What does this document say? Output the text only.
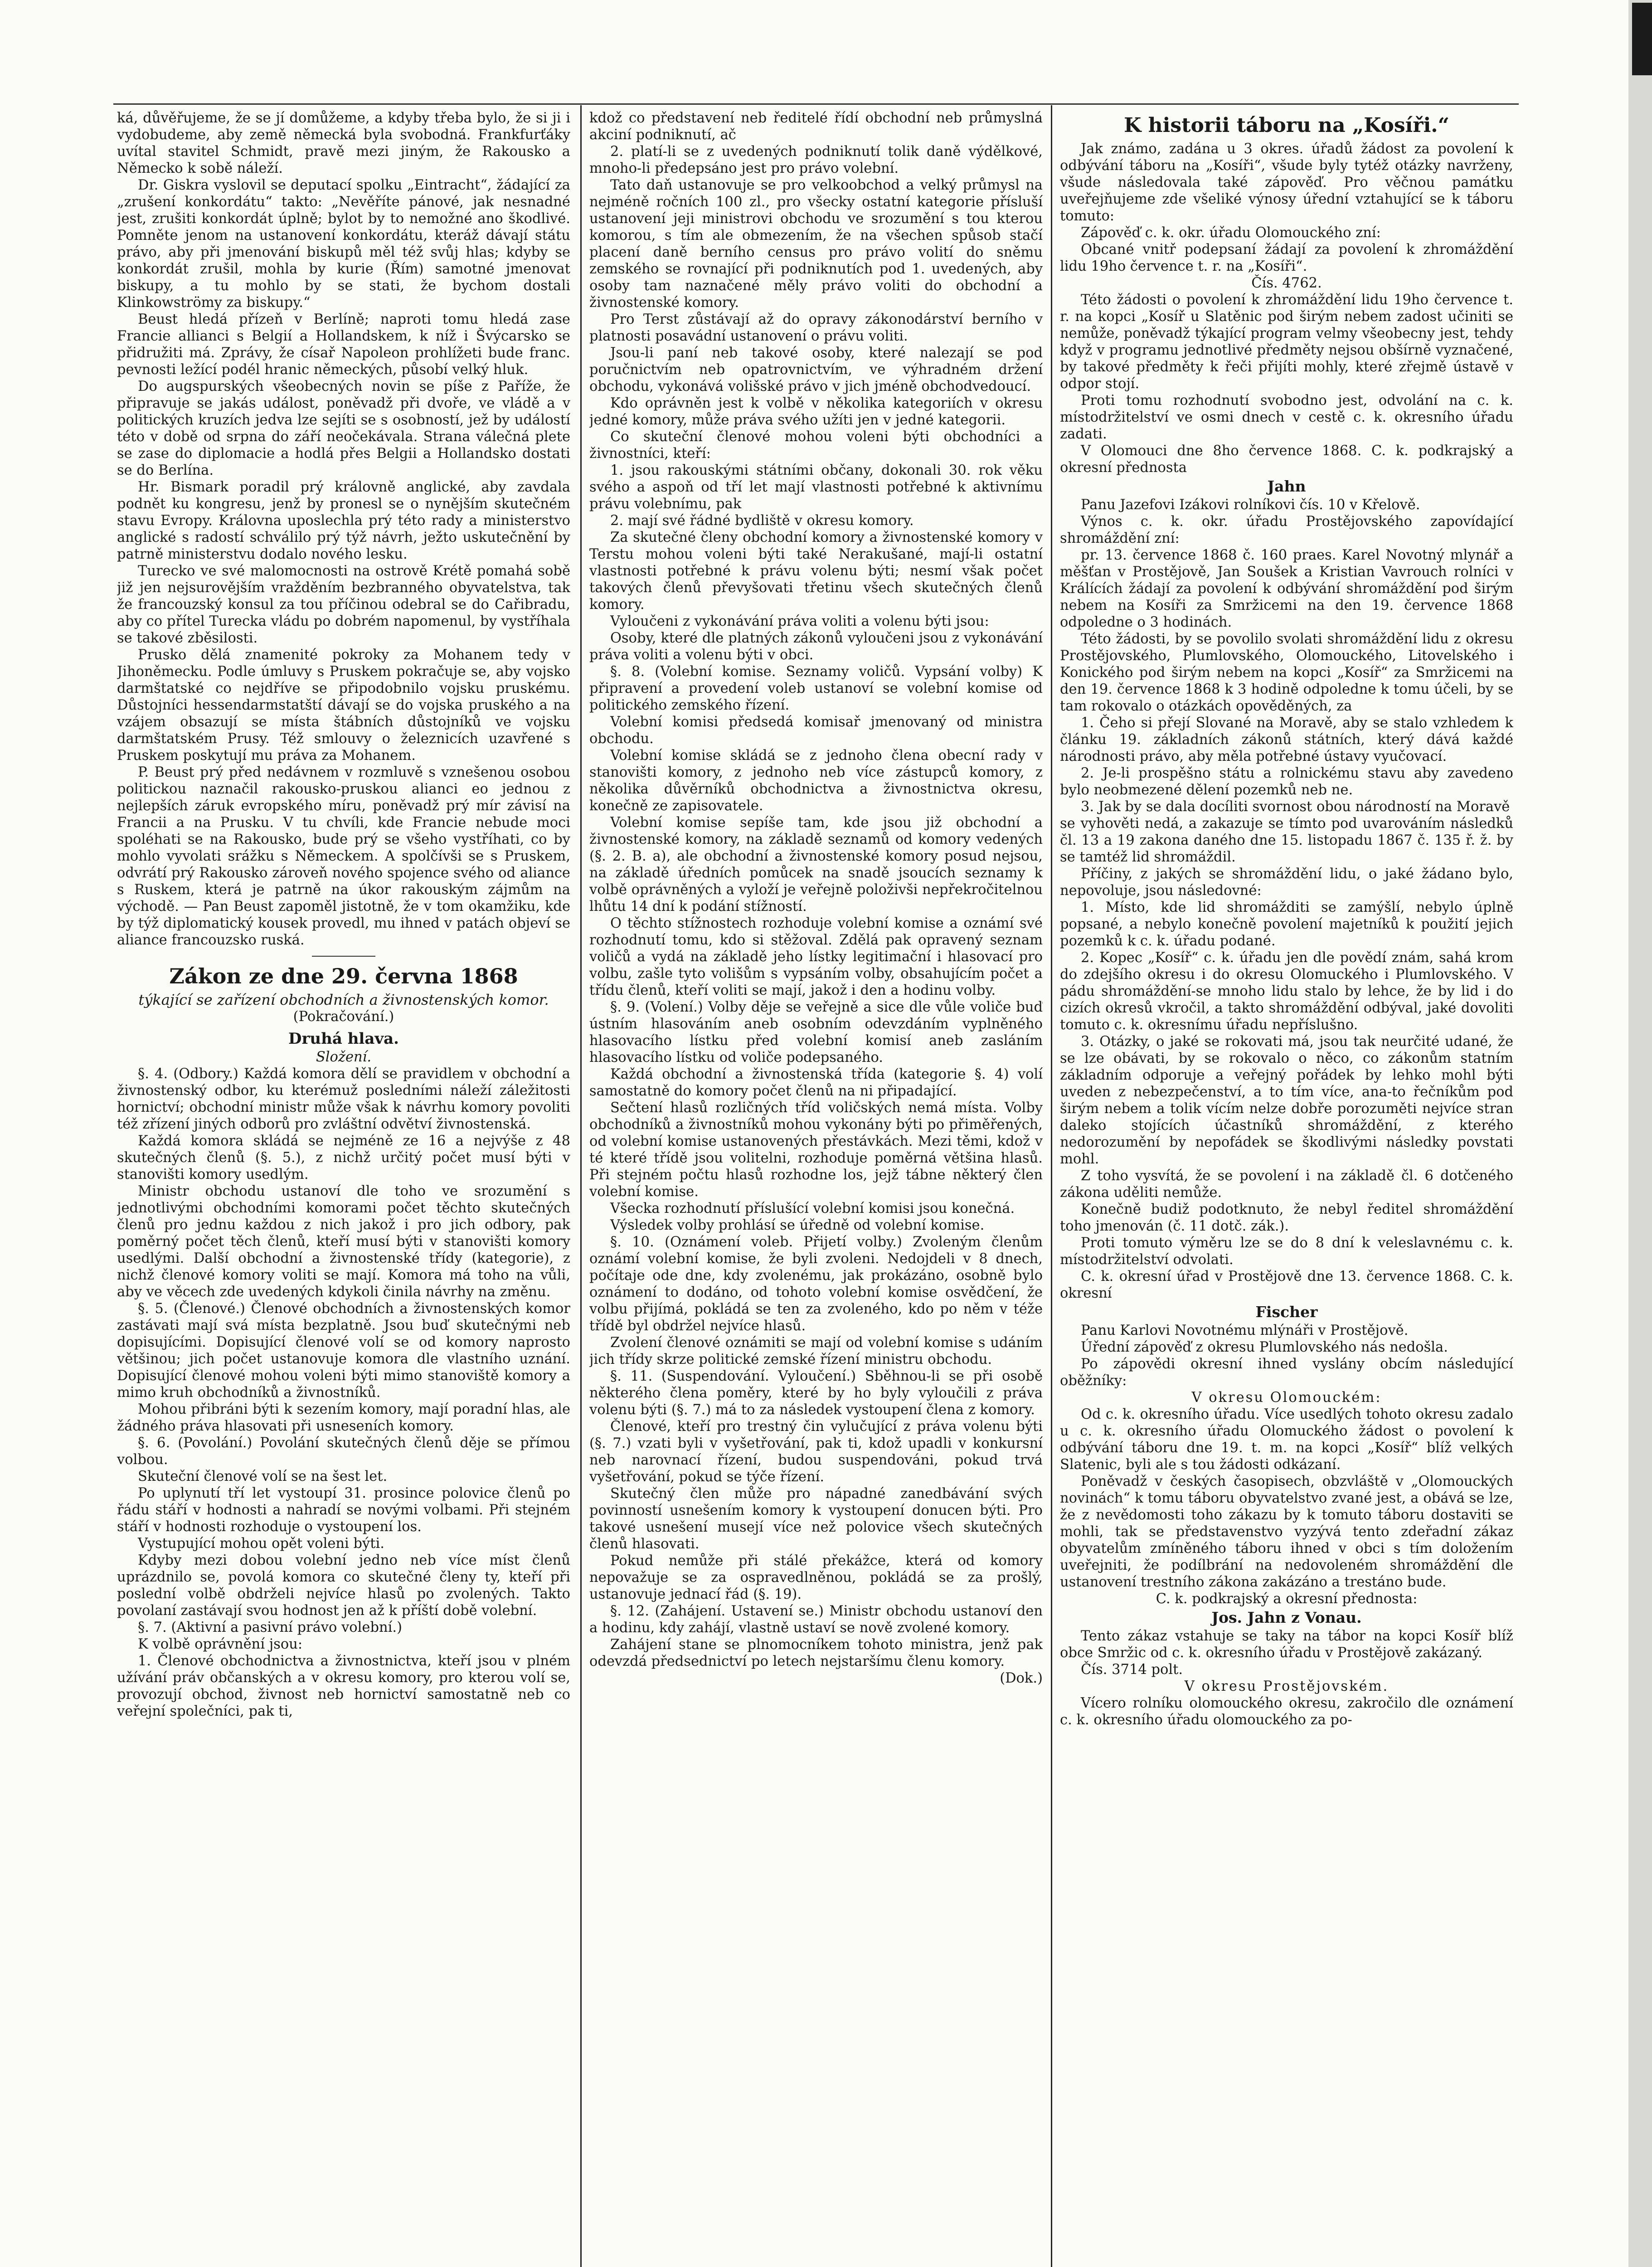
ká, důvěřujeme, že se jí domůžeme, a kdyby třeba bylo, že si ji i vydobudeme, aby země německá byla svobodná. Frankfurťáky uvítal stavitel Schmidt, pravě mezi jiným, že Rakousko a Německo k sobě náleží.

Dr. Giskra vyslovil se deputací spolku „Eintracht“, žádající za „zrušení konkordátu“ takto: „Nevěříte pánové, jak nesnadné jest, zrušiti konkordát úplně; bylot by to nemožné ano škodlivé. Pomněte jenom na ustanovení konkordátu, kteráž dávají státu právo, aby při jmenování biskupů měl též svůj hlas; kdyby se konkordát zrušil, mohla by kurie (Řím) samotné jmenovat biskupy, a tu mohlo by se stati, že bychom dostali Klinkowströmy za biskupy.“

Beust hledá přízeň v Berlíně; naproti tomu hledá zase Francie allianci s Belgií a Hollandskem, k níž i Švýcarsko se přidružiti má. Zprávy, že císař Napoleon prohlížeti bude franc. pevnosti ležící podél hranic německých, působí velký hluk.

Do augspurských všeobecných novin se píše z Paříže, že připravuje se jakás událost, poněvadž při dvoře, ve vládě a v politických kruzích jedva lze sejíti se s osobností, jež by událostí této v době od srpna do září neočekávala. Strana válečná plete se zase do diplomacie a hodlá přes Belgii a Hollandsko dostati se do Berlína.

Hr. Bismark poradil prý královně anglické, aby zavdala podnět ku kongresu, jenž by pronesl se o nynějším skutečném stavu Evropy. Královna uposlechla prý této rady a ministerstvo anglické s radostí schválilo prý týž návrh, ježto uskutečnění by patrně ministerstvu dodalo nového lesku.

Turecko ve své malomocnosti na ostrově Krétě pomahá sobě již jen nejsurovějším vražděním bezbranného obyvatelstva, tak že francouzský konsul za tou příčinou odebral se do Cařibradu, aby co přítel Turecka vládu po dobrém napomenul, by vystříhala se takové zběsilosti.

Prusko dělá znamenité pokroky za Mohanem tedy v Jihoněmecku. Podle úmluvy s Pruskem pokračuje se, aby vojsko darmštatské co nejdříve se připodobnilo vojsku pruskému. Důstojníci hessendarmstatští dávají se do vojska pruského a na vzájem obsazují se místa štábních důstojníků ve vojsku darmštatském Prusy. Též smlouvy o železnicích uzavřené s Pruskem poskytují mu práva za Mohanem.

P. Beust prý před nedávnem v rozmluvě s vznešenou osobou politickou naznačil rakousko-pruskou alianci eo jednou z nejlepších záruk evropského míru, poněvadž prý mír závisí na Francii a na Prusku. V tu chvíli, kde Francie nebude moci spoléhati se na Rakousko, bude prý se všeho vystříhati, co by mohlo vyvolati srážku s Německem. A spolčívši se s Pruskem, odvrátí prý Rakousko zároveň nového spojence svého od aliance s Ruskem, která je patrně na úkor rakouským zájmům na východě. — Pan Beust zapoměl jistotně, že v tom okamžiku, kde by týž diplomatický kousek provedl, mu ihned v patách objeví se aliance francouzsko ruská.

Zákon ze dne 29. června 1868
týkající se zařízení obchodních a živnostenských komor.
(Pokračování.)
Druhá hlava.
Složení.

§. 4. (Odbory.) Každá komora dělí se pravidlem v obchodní a živnostenský odbor, ku kterémuž posledními náleží záležitosti hornictví; obchodní ministr může však k návrhu komory povoliti též zřízení jiných odborů pro zvláštní odvětví živnostenská.

Každá komora skládá se nejméně ze 16 a nejvýše z 48 skutečných členů (§. 5.), z nichž určitý počet musí býti v stanovišti komory usedlým.

Ministr obchodu ustanoví dle toho ve srozumění s jednotlivými obchodními komorami počet těchto skutečných členů pro jednu každou z nich jakož i pro jich odbory, pak poměrný počet těch členů, kteří musí býti v stanovišti komory usedlými. Další obchodní a živnostenské třídy (kategorie), z nichž členové komory voliti se mají. Komora má toho na vůli, aby ve věcech zde uvedených kdykoli činila návrhy na změnu.

§. 5. (Členové.) Členové obchodních a živnostenských komor zastávati mají svá místa bezplatně. Jsou buď skutečnými neb dopisujícími. Dopisující členové volí se od komory naprosto většinou; jich počet ustanovuje komora dle vlastního uznání. Dopisující členové mohou voleni býti mimo stanoviště komory a mimo kruh obchodníků a živnostníků.

Mohou přibráni býti k sezením komory, mají poradní hlas, ale žádného práva hlasovati při usneseních komory.

§. 6. (Povolání.) Povolání skutečných členů děje se přímou volbou.

Skuteční členové volí se na šest let.

Po uplynutí tří let vystoupí 31. prosince polovice členů po řádu stáří v hodnosti a nahradí se novými volbami. Při stejném stáří v hodnosti rozhoduje o vystoupení los.

Vystupující mohou opět voleni býti.

Kdyby mezi dobou volební jedno neb více míst členů uprázdnilo se, povolá komora co skutečné členy ty, kteří při poslední volbě obdrželi nejvíce hlasů po zvolených. Takto povolaní zastávají svou hodnost jen až k příští době volební.

§. 7. (Aktivní a pasivní právo volební.)

K volbě oprávnění jsou:

1. Členové obchodnictva a živnostnictva, kteří jsou v plném užívání práv občanských a v okresu komory, pro kterou volí se, provozují obchod, živnost neb hornictví samostatně neb co veřejní společníci, pak ti,

kdož co představení neb ředitelé řídí obchodní neb průmyslná akciní podniknutí, ač

2. platí-li se z uvedených podniknutí tolik daně výdělkové, mnoho-li předepsáno jest pro právo volební.

Tato daň ustanovuje se pro velkoobchod a velký průmysl na nejméně ročních 100 zl., pro všecky ostatní kategorie přísluší ustanovení jeji ministrovi obchodu ve srozumění s tou kterou komorou, s tím ale obmezením, že na všechen spůsob stačí placení daně berního census pro právo volití do sněmu zemského se rovnající při podniknutích pod 1. uvedených, aby osoby tam naznačené měly právo voliti do obchodní a živnostenské komory.

Pro Terst zůstávají až do opravy zákonodárství berního v platnosti posavádní ustanovení o právu voliti.

Jsou-li paní neb takové osoby, které nalezají se pod poručnictvím neb opatrovnictvím, ve výhradném držení obchodu, vykonává volišské právo v jich jméně obchodvedoucí.

Kdo oprávněn jest k volbě v několika kategoriích v okresu jedné komory, může práva svého užíti jen v jedné kategorii.

Co skuteční členové mohou voleni býti obchodníci a živnostníci, kteří:

1. jsou rakouskými státními občany, dokonali 30. rok věku svého a aspoň od tří let mají vlastnosti potřebné k aktivnímu právu volebnímu, pak

2. mají své řádné bydliště v okresu komory.

Za skutečné členy obchodní komory a živnostenské komory v Terstu mohou voleni býti také Nerakušané, mají-li ostatní vlastnosti potřebné k právu volenu býti; nesmí však počet takových členů převyšovati třetinu všech skutečných členů komory.

Vyloučeni z vykonávání práva voliti a volenu býti jsou:

Osoby, které dle platných zákonů vyloučeni jsou z vykonávání práva voliti a volenu býti v obci.

§. 8. (Volební komise. Seznamy voličů. Vypsání volby) K připravení a provedení voleb ustanoví se volební komise od politického zemského řízení.

Volební komisi předsedá komisař jmenovaný od ministra obchodu.

Volební komise skládá se z jednoho člena obecní rady v stanovišti komory, z jednoho neb více zástupců komory, z několika důvěrníků obchodnictva a živnostnictva okresu, konečně ze zapisovatele.

Volební komise sepíše tam, kde jsou již obchodní a živnostenské komory, na základě seznamů od komory vedených (§. 2. B. a), ale obchodní a živnostenské komory posud nejsou, na základě úředních pomůcek na snadě jsoucích seznamy k volbě oprávněných a vyloží je veřejně položivši nepřekročitelnou lhůtu 14 dní k podání stížností.

O těchto stížnostech rozhoduje volební komise a oznámí své rozhodnutí tomu, kdo si stěžoval. Zdělá pak opravený seznam voličů a vydá na základě jeho lístky legitimační i hlasovací pro volbu, zašle tyto volišům s vypsáním volby, obsahujícím počet a třídu členů, kteří voliti se mají, jakož i den a hodinu volby.

§. 9. (Volení.) Volby děje se veřejně a sice dle vůle voliče buď ústním hlasováním aneb osobním odevzdáním vyplněného hlasovacího lístku před volební komisí aneb zasláním hlasovacího lístku od voliče podepsaného.

Každá obchodní a živnostenská třída (kategorie §. 4) volí samostatně do komory počet členů na ni připadající.

Sečtení hlasů rozličných tříd voličských nemá místa. Volby obchodníků a živnostníků mohou vykonány býti po přiměřených, od volební komise ustanovených přestávkách. Mezi těmi, kdož v té které třídě jsou volitelni, rozhoduje poměrná většina hlasů. Při stejném počtu hlasů rozhodne los, jejž tábne některý člen volební komise.

Všecka rozhodnutí příslušící volební komisi jsou konečná.

Výsledek volby prohlásí se úředně od volební komise.

§. 10. (Oznámení voleb. Přijetí volby.) Zvoleným členům oznámí volební komise, že byli zvoleni. Nedojdeli v 8 dnech, počítaje ode dne, kdy zvolenému, jak prokázáno, osobně bylo oznámení to dodáno, od tohoto volební komise osvědčení, že volbu přijímá, pokládá se ten za zvoleného, kdo po něm v téže třídě byl obdržel nejvíce hlasů.

Zvolení členové oznámiti se mají od volební komise s udáním jich třídy skrze politické zemské řízení ministru obchodu.

§. 11. (Suspendování. Vyloučení.) Sběhnou-li se při osobě některého člena poměry, které by ho byly vyloučili z práva volenu býti (§. 7.) má to za následek vystoupení člena z komory.

Členové, kteří pro trestný čin vylučující z práva volenu býti (§. 7.) vzati byli v vyšetřování, pak ti, kdož upadli v konkursní neb narovnací řízení, budou suspendováni, pokud trvá vyšetřování, pokud se týče řízení.

Skutečný člen může pro nápadné zanedbávání svých povinností usnešením komory k vystoupení donucen býti. Pro takové usnešení musejí více než polovice všech skutečných členů hlasovati.

Pokud nemůže při stálé překážce, která od komory nepovažuje se za ospravedlněnou, pokládá se za prošlý, ustanovuje jednací řád (§. 19).

§. 12. (Zahájení. Ustavení se.) Ministr obchodu ustanoví den a hodinu, kdy zahájí, vlastně ustaví se nově zvolené komory.

Zahájení stane se plnomocníkem tohoto ministra, jenž pak odevzdá předsednictví po letech nejstaršímu členu komory.

(Dok.)
K historii táboru na „Kosíři.“

Jak známo, zadána u 3 okres. úřadů žádost za povolení k odbývání táboru na „Kosíři“, všude byly tytéž otázky navrženy, všude následovala také zápověď. Pro věčnou památku uveřejňujeme zde všeliké výnosy úřední vztahující se k táboru tomuto:

Zápověď c. k. okr. úřadu Olomouckého zní:

Obcané vnitř podepsaní žádají za povolení k zhromáždění lidu 19ho července t. r. na „Kosíři“.

Čís. 4762.

Této žádosti o povolení k zhromáždění lidu 19ho července t. r. na kopci „Kosíř u Slatěnic pod širým nebem zadost učiniti se nemůže, poněvadž týkající program velmy všeobecny jest, tehdy když v programu jednotlivé předměty nejsou obšírně vyznačené, by takové předměty k řeči přijíti mohly, které zřejmě ústavě v odpor stojí.

Proti tomu rozhodnutí svobodno jest, odvolání na c. k. místodržitelství ve osmi dnech v cestě c. k. okresního úřadu zadati.

V Olomouci dne 8ho července 1868. C. k. podkrajský a okresní přednosta

Jahn

Panu Jazefovi Izákovi rolníkovi čís. 10 v Křelově.

Výnos c. k. okr. úřadu Prostějovského zapovídající shromáždění zní:

pr. 13. července 1868 č. 160 praes. Karel Novotný mlynář a měšťan v Prostějově, Jan Soušek a Kristian Vavrouch rolníci v Králících žádají za povolení k odbývání shromáždění pod širým nebem na Kosíři za Smržicemi na den 19. července 1868 odpoledne o 3 hodinách.

Této žádosti, by se povolilo svolati shromáždění lidu z okresu Prostějovského, Plumlovského, Olomouckého, Litovelského i Konického pod širým nebem na kopci „Kosíř“ za Smržicemi na den 19. července 1868 k 3 hodině odpoledne k tomu účeli, by se tam rokovalo o otázkách opověděných, za

1. Čeho si přejí Slované na Moravě, aby se stalo vzhledem k článku 19. základních zákonů státních, který dává každé národnosti právo, aby měla potřebné ústavy vyučovací.

2. Je-li prospěšno státu a rolnickému stavu aby zavedeno bylo neobmezené dělení pozemků neb ne.

3. Jak by se dala docíliti svornost obou národností na Moravě

se vyhověti nedá, a zakazuje se tímto pod uvarováním následků čl. 13 a 19 zakona daného dne 15. listopadu 1867 č. 135 ř. ž. by se tamtéž lid shromáždil.

Příčiny, z jakých se shromáždění lidu, o jaké žádano bylo, nepovoluje, jsou následovné:

1. Místo, kde lid shromážditi se zamýšlí, nebylo úplně popsané, a nebylo konečně povolení majetníků k použití jejich pozemků k c. k. úřadu podané.

2. Kopec „Kosíř“ c. k. úřadu jen dle povědí znám, sahá krom do zdejšího okresu i do okresu Olomuckého i Plumlovského. V pádu shromáždění-se mnoho lidu stalo by lehce, že by lid i do cizích okresů vkročil, a takto shromáždění odbýval, jaké dovoliti tomuto c. k. okresnímu úřadu nepříslušno.

3. Otázky, o jaké se rokovati má, jsou tak neurčité udané, že se lze obávati, by se rokovalo o něco, co zákonům statním základním odporuje a veřejný pořádek by lehko mohl býti uveden z nebezpečenství, a to tím více, ana-to řečníkům pod širým nebem a tolik vícím nelze dobře porozuměti nejvíce stran daleko stojících účastníků shromáždění, z kterého nedorozumění by nepofádek se škodlivými následky povstati mohl.

Z toho vysvítá, že se povolení i na základě čl. 6 dotčeného zákona uděliti nemůže.

Konečně budiž podotknuto, že nebyl ředitel shromáždění toho jmenován (č. 11 dotč. zák.).

Proti tomuto výměru lze se do 8 dní k veleslavnému c. k. místodržitelství odvolati.

C. k. okresní úřad v Prostějově dne 13. července 1868. C. k. okresní

Fischer

Panu Karlovi Novotnému mlýnáři v Prostějově.

Úřední zápověď z okresu Plumlovského nás nedošla.

Po zápovědi okresní ihned vyslány obcím následující oběžníky:

V okresu Olomouckém:

Od c. k. okresního úřadu. Více usedlých tohoto okresu zadalo u c. k. okresního úřadu Olomuckého žádost o povolení k odbývání táboru dne 19. t. m. na kopci „Kosíř“ blíž velkých Slatenic, byli ale s tou žádosti odkázaní.

Poněvadž v českých časopisech, obzvláště v „Olomouckých novinách“ k tomu táboru obyvatelstvo zvané jest, a obává se lze, že z nevědomosti toho zákazu by k tomuto táboru dostaviti se mohli, tak se představenstvo vyzývá tento zdeřadní zákaz obyvatelům zmíněného táboru ihned v obci s tím doložením uveřejniti, že podílbrání na nedovoleném shromáždění dle ustanovení trestního zákona zakázáno a trestáno bude.

C. k. podkrajský a okresní přednosta:

Jos. Jahn z Vonau.

Tento zákaz vstahuje se taky na tábor na kopci Kosíř blíž obce Smržic od c. k. okresního úřadu v Prostějově zakázaný.

Čís. 3714 polt.

V okresu Prostějovském.

Vícero rolníku olomouckého okresu, zakročilo dle oznámení c. k. okresního úřadu olomouckého za po-
